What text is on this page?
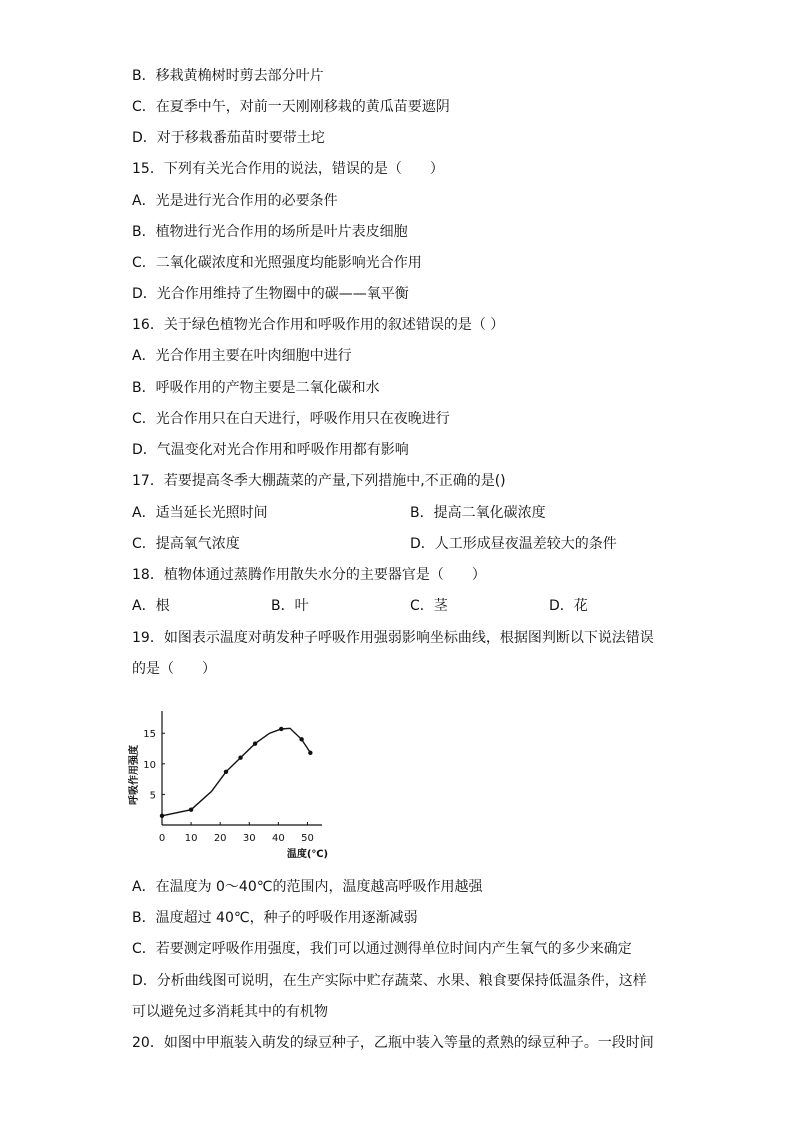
B．移栽黄桷树时剪去部分叶片
C．在夏季中午，对前一天刚刚移栽的黄瓜苗要遮阴
D．对于移栽番茄苗时要带土坨
15．下列有关光合作用的说法，错误的是（　　）
A．光是进行光合作用的必要条件
B．植物进行光合作用的场所是叶片表皮细胞
C．二氧化碳浓度和光照强度均能影响光合作用
D．光合作用维持了生物圈中的碳——氧平衡
16．关于绿色植物光合作用和呼吸作用的叙述错误的是（ ）
A．光合作用主要在叶肉细胞中进行
B．呼吸作用的产物主要是二氧化碳和水
C．光合作用只在白天进行，呼吸作用只在夜晚进行
D．气温变化对光合作用和呼吸作用都有影响
17．若要提高冬季大棚蔬菜的产量,下列措施中,不正确的是()
A．适当延长光照时间	B．提高二氧化碳浓度
C．提高氧气浓度	D．人工形成昼夜温差较大的条件
18．植物体通过蒸腾作用散失水分的主要器官是（　　）
A．根	B．叶	C．茎	D．花
19．如图表示温度对萌发种子呼吸作用强弱影响坐标曲线，根据图判断以下说法错误
的是（　　）
0 10 20 30 40 50
5
10
15
呼吸作用强度
温度(℃)
A．在温度为 0～40℃的范围内，温度越高呼吸作用越强
B．温度超过 40℃，种子的呼吸作用逐渐减弱
C．若要测定呼吸作用强度，我们可以通过测得单位时间内产生氧气的多少来确定
D．分析曲线图可说明，在生产实际中贮存蔬菜、水果、粮食要保持低温条件，这样
可以避免过多消耗其中的有机物
20．如图中甲瓶装入萌发的绿豆种子，乙瓶中装入等量的煮熟的绿豆种子。一段时间
